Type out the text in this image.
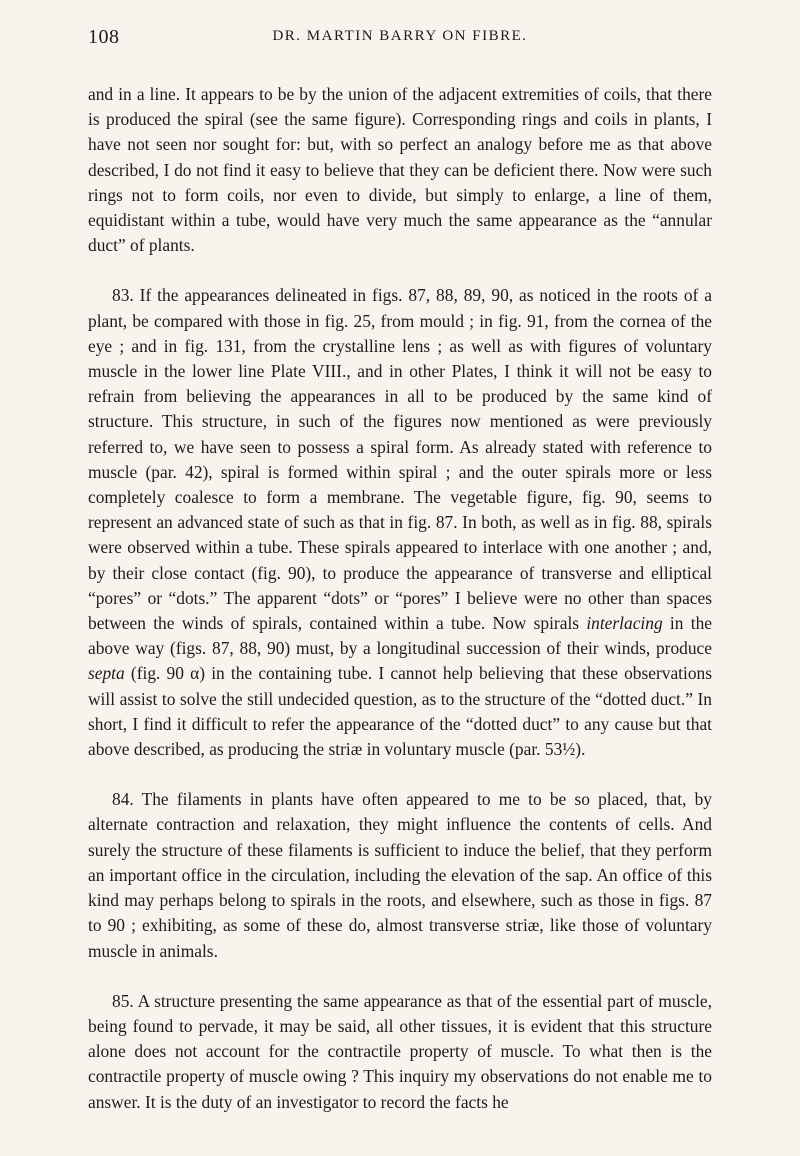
108	DR. MARTIN BARRY ON FIBRE.

and in a line. It appears to be by the union of the adjacent extremities of coils, that there is produced the spiral (see the same figure). Corresponding rings and coils in plants, I have not seen nor sought for: but, with so perfect an analogy before me as that above described, I do not find it easy to believe that they can be deficient there. Now were such rings not to form coils, nor even to divide, but simply to enlarge, a line of them, equidistant within a tube, would have very much the same appearance as the “annular duct” of plants.

83. If the appearances delineated in figs. 87, 88, 89, 90, as noticed in the roots of a plant, be compared with those in fig. 25, from mould ; in fig. 91, from the cornea of the eye ; and in fig. 131, from the crystalline lens ; as well as with figures of voluntary muscle in the lower line Plate VIII., and in other Plates, I think it will not be easy to refrain from believing the appearances in all to be produced by the same kind of structure. This structure, in such of the figures now mentioned as were previously referred to, we have seen to possess a spiral form. As already stated with reference to muscle (par. 42), spiral is formed within spiral ; and the outer spirals more or less completely coalesce to form a membrane. The vegetable figure, fig. 90, seems to represent an advanced state of such as that in fig. 87. In both, as well as in fig. 88, spirals were observed within a tube. These spirals appeared to interlace with one another ; and, by their close contact (fig. 90), to produce the appearance of transverse and elliptical “pores” or “dots.” The apparent “dots” or “pores” I believe were no other than spaces between the winds of spirals, contained within a tube. Now spirals interlacing in the above way (figs. 87, 88, 90) must, by a longitudinal succession of their winds, produce septa (fig. 90 α) in the containing tube. I cannot help believing that these observations will assist to solve the still undecided question, as to the structure of the “dotted duct.” In short, I find it difficult to refer the appearance of the “dotted duct” to any cause but that above described, as producing the striæ in voluntary muscle (par. 53½).

84. The filaments in plants have often appeared to me to be so placed, that, by alternate contraction and relaxation, they might influence the contents of cells. And surely the structure of these filaments is sufficient to induce the belief, that they perform an important office in the circulation, including the elevation of the sap. An office of this kind may perhaps belong to spirals in the roots, and elsewhere, such as those in figs. 87 to 90 ; exhibiting, as some of these do, almost transverse striæ, like those of voluntary muscle in animals.

85. A structure presenting the same appearance as that of the essential part of muscle, being found to pervade, it may be said, all other tissues, it is evident that this structure alone does not account for the contractile property of muscle. To what then is the contractile property of muscle owing ? This inquiry my observations do not enable me to answer. It is the duty of an investigator to record the facts he
